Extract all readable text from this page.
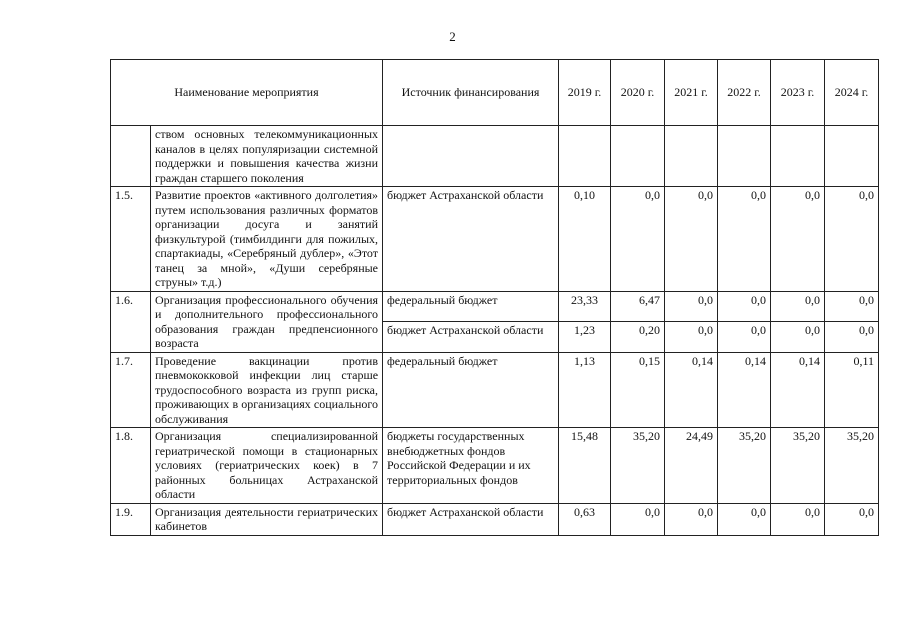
2
Наименование мероприятия		Источник финансирования	2019 г.	2020 г.	2021 г.	2022 г.	2023 г.	2024 г.
	ством основных телекоммуникационных каналов в целях популяризации системной поддержки и повышения качества жизни граждан старшего поколения							
1.5.	Развитие проектов «активного долголетия» путем использования различных форматов организации досуга и занятий физкультурой (тимбилдинги для пожилых, спартакиады, «Серебряный дублер», «Этот танец за мной», «Души серебряные струны» т.д.)	бюджет Астраханской области	0,10	0,0	0,0	0,0	0,0	0,0
1.6.	Организация профессионального обучения и дополнительного профессионального образования граждан предпенсионного возраста	федеральный бюджет	23,33	6,47	0,0	0,0	0,0	0,0
		бюджет Астраханской области	1,23	0,20	0,0	0,0	0,0	0,0
1.7.	Проведение вакцинации против пневмококковой инфекции лиц старше трудоспособного возраста из групп риска, проживающих в организациях социального обслуживания	федеральный бюджет	1,13	0,15	0,14	0,14	0,14	0,11
1.8.	Организация специализированной гериатрической помощи в стационарных условиях (гериатрических коек) в 7 районных больницах Астраханской области	бюджеты государственных внебюджетных фондов Российской Федерации и их территориальных фондов	15,48	35,20	24,49	35,20	35,20	35,20
1.9.	Организация деятельности гериатрических кабинетов	бюджет Астраханской области	0,63	0,0	0,0	0,0	0,0	0,0
